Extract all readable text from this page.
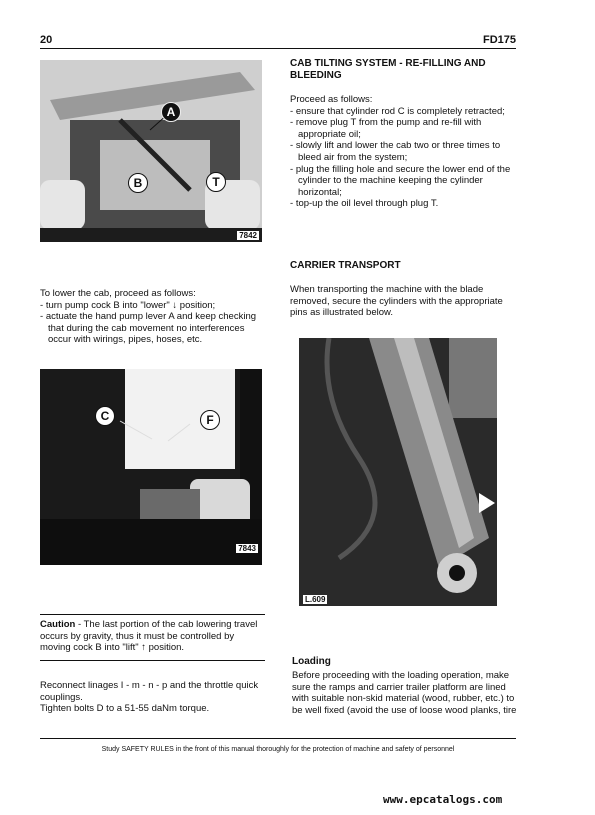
20	FD175
A
B	T
7842

To lower the cab, proceed as follows:

- turn pump cock B into "lower" ↓ position;
- actuate the hand pump lever A and keep checking that during the cab movement no interferences occur with wirings, pipes, hoses, etc.
C	F
7843

Caution - The last portion of the cab lowering travel occurs by gravity, thus it must be controlled by moving cock B into "lift" ↑ position.

Reconnect linages I - m - n - p and the throttle quick couplings.

Tighten bolts D to a 51-55 daNm torque.

CAB TILTING SYSTEM - RE-FILLING AND BLEEDING

Proceed as follows:

- ensure that cylinder rod C is completely retracted;
- remove plug T from the pump and re-fill with appropriate oil;
- slowly lift and lower the cab two or three times to bleed air from the system;
- plug the filling hole and secure the lower end of the cylinder to the machine keeping the cylinder horizontal;
- top-up the oil level through plug T.

CARRIER TRANSPORT

When transporting the machine with the blade removed, secure the cylinders with the appropriate pins as illustrated below.

L.609

Loading

Before proceeding with the loading operation, make sure the ramps and carrier trailer platform are lined with suitable non-skid material (wood, rubber, etc.) to be well fixed (avoid the use of loose wood planks, tire

Study SAFETY RULES in the front of this manual thoroughly for the protection of machine and safety of personnel
www.epcatalogs.com
